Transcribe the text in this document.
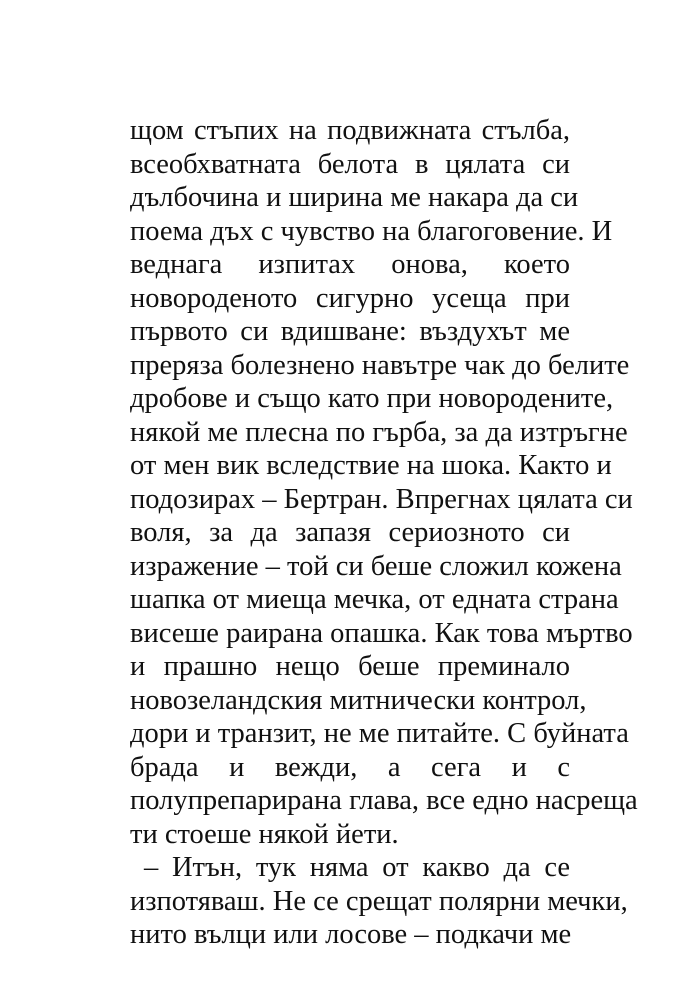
щом стъпих на подвижната стълба,
всеобхватната белота в цялата си
дълбочина и ширина ме накара да си
поема дъх с чувство на благоговение. И
веднага изпитах онова, което
новороденото сигурно усеща при
първото си вдишване: въздухът ме
преряза болезнено навътре чак до белите
дробове и също като при новородените,
някой ме плесна по гърба, за да изтръгне
от мен вик вследствие на шока. Както и
подозирах – Бертран. Впрегнах цялата си
воля, за да запазя сериозното си
изражение – той си беше сложил кожена
шапка от миеща мечка, от едната страна
висеше раирана опашка. Как това мъртво
и прашно нещо беше преминало
новозеландския митнически контрол,
дори и транзит, не ме питайте. С буйната
брада и вежди, а сега и с
полупрепарирана глава, все едно насреща
ти стоеше някой йети.
– Итън, тук няма от какво да се
изпотяваш. Не се срещат полярни мечки,
нито вълци или лосове – подкачи ме
